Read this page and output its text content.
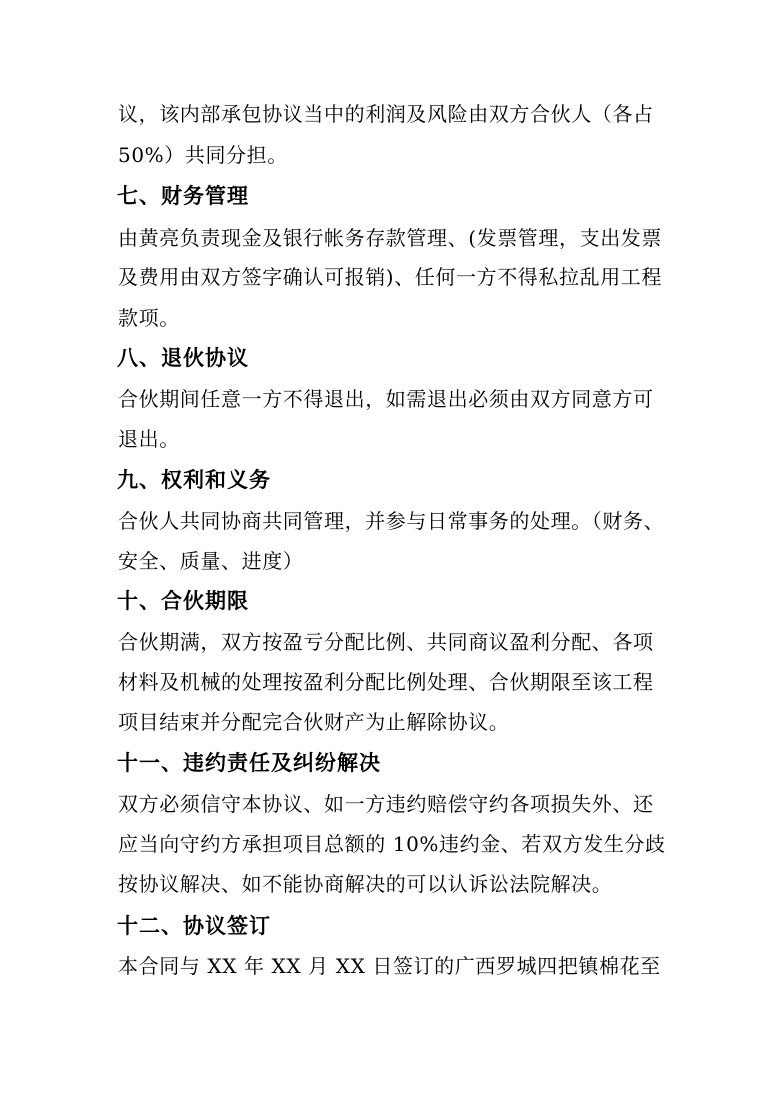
议，该内部承包协议当中的利润及风险由双方合伙人（各占
50%）共同分担。
七、财务管理
由黄亮负责现金及银行帐务存款管理、(发票管理，支出发票
及费用由双方签字确认可报销)、任何一方不得私拉乱用工程
款项。
八、退伙协议
合伙期间任意一方不得退出，如需退出必须由双方同意方可
退出。
九、权利和义务
合伙人共同协商共同管理，并参与日常事务的处理。（财务、
安全、质量、进度）
十、合伙期限
合伙期满，双方按盈亏分配比例、共同商议盈利分配、各项
材料及机械的处理按盈利分配比例处理、合伙期限至该工程
项目结束并分配完合伙财产为止解除协议。
十一、违约责任及纠纷解决
双方必须信守本协议、如一方违约赔偿守约各项损失外、还
应当向守约方承担项目总额的 10%违约金、若双方发生分歧
按协议解决、如不能协商解决的可以认诉讼法院解决。
十二、协议签订
本合同与 XX 年 XX 月 XX 日签订的广西罗城四把镇棉花至
